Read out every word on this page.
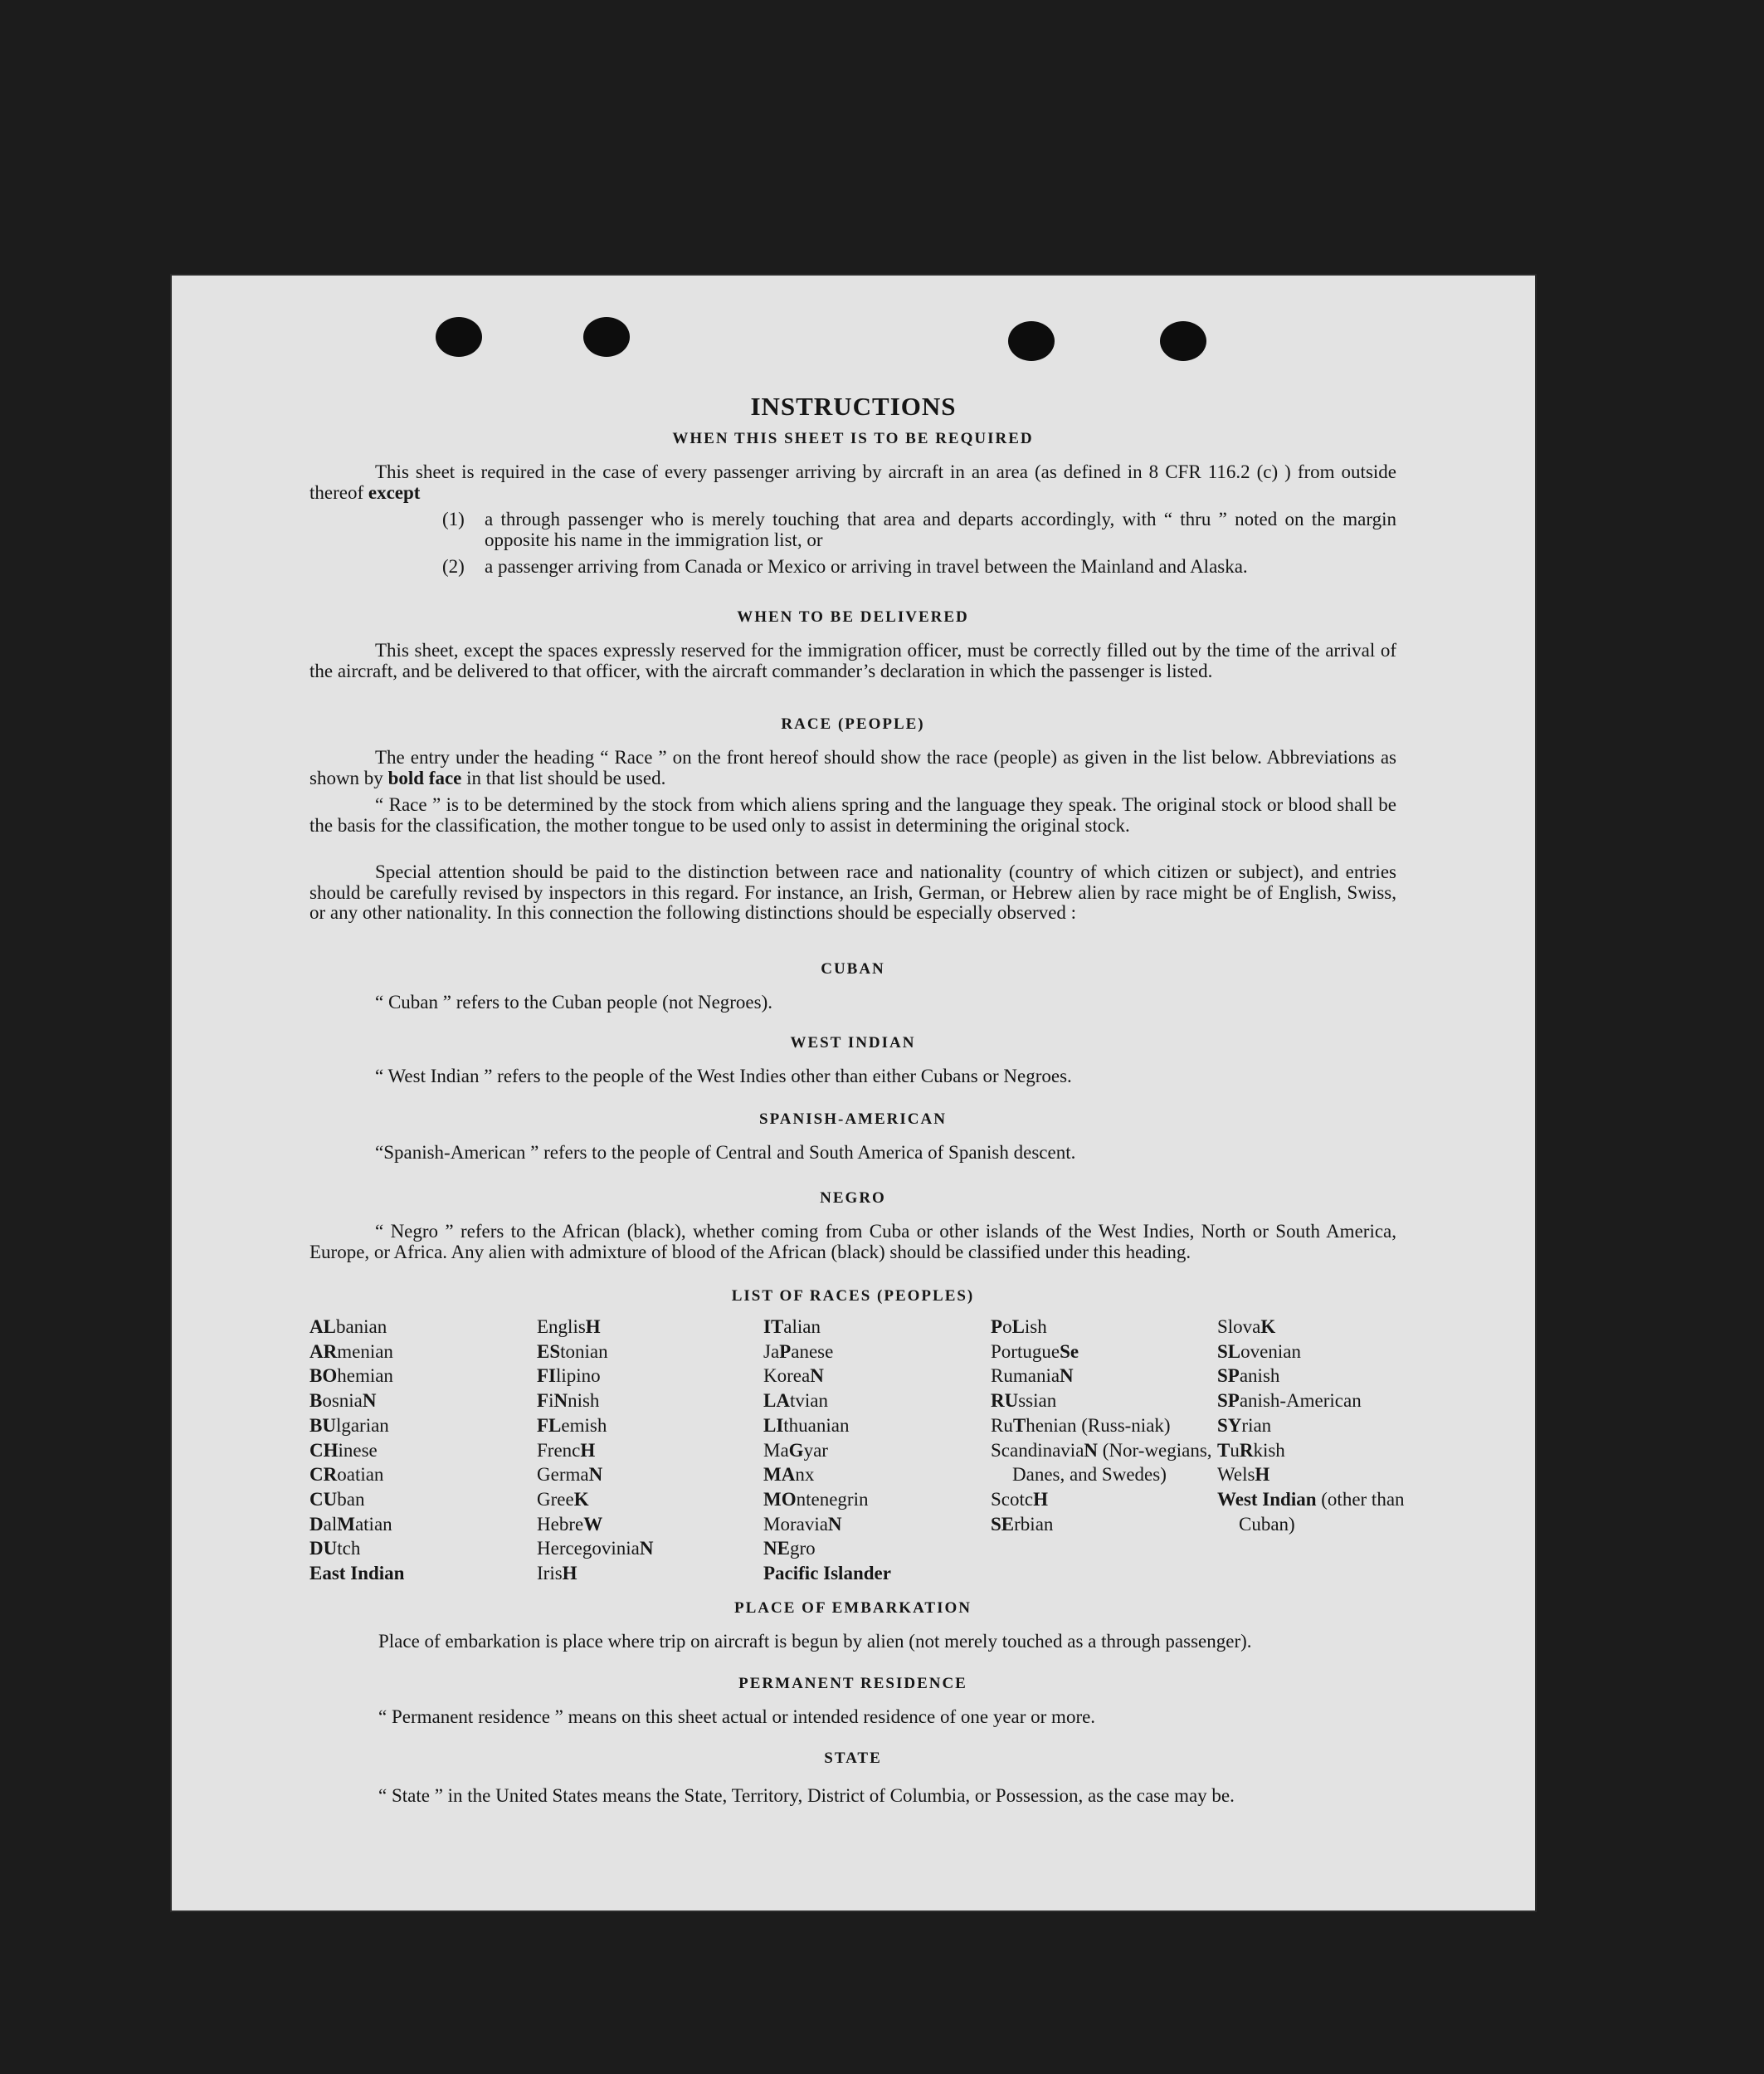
INSTRUCTIONS
WHEN THIS SHEET IS TO BE REQUIRED

This sheet is required in the case of every passenger arriving by aircraft in an area (as defined in 8 CFR 116.2 (c) ) from outside thereof except

(1) a through passenger who is merely touching that area and departs accordingly, with “ thru ” noted on the margin opposite his name in the immigration list, or
(2) a passenger arriving from Canada or Mexico or arriving in travel between the Mainland and Alaska.
WHEN TO BE DELIVERED

This sheet, except the spaces expressly reserved for the immigration officer, must be correctly filled out by the time of the arrival of the aircraft, and be delivered to that officer, with the aircraft commander’s declaration in which the passenger is listed.

RACE (PEOPLE)

The entry under the heading “ Race ” on the front hereof should show the race (people) as given in the list below. Abbreviations as shown by bold face in that list should be used.

“ Race ” is to be determined by the stock from which aliens spring and the language they speak. The original stock or blood shall be the basis for the classification, the mother tongue to be used only to assist in determining the original stock.

Special attention should be paid to the distinction between race and nationality (country of which citizen or subject), and entries should be carefully revised by inspectors in this regard. For instance, an Irish, German, or Hebrew alien by race might be of English, Swiss, or any other nationality. In this connection the following distinctions should be especially observed :

CUBAN

“ Cuban ” refers to the Cuban people (not Negroes).

WEST INDIAN

“ West Indian ” refers to the people of the West Indies other than either Cubans or Negroes.

SPANISH-AMERICAN

“Spanish-American ” refers to the people of Central and South America of Spanish descent.

NEGRO

“ Negro ” refers to the African (black), whether coming from Cuba or other islands of the West Indies, North or South America, Europe, or Africa. Any alien with admixture of blood of the African (black) should be classified under this heading.

LIST OF RACES (PEOPLES)
ALbanian
ARmenian
BOhemian
BosniaN
BUlgarian
CHinese
CRoatian
CUban
DalMatian
DUtch
East Indian
EnglisH
EStonian
FIlipino
FiNnish
FLemish
FrencH
GermaN
GreeK
HebreW
HercegoviniaN
IrisH
ITalian
JaPanese
KoreaN
LAtvian
LIthuanian
MaGyar
MAnx
MOntenegrin
MoraviaN
NEgro
Pacific Islander
PoLish
PortugueSe
RumaniaN
RUssian
RuThenian (Russ-niak)
ScandinaviaN (Nor-wegians, Danes, and Swedes)
ScotcH
SErbian
SlovaK
SLovenian
SPanish
SPanish-American
SYrian
TuRkish
WelsH
West Indian (other than Cuban)
PLACE OF EMBARKATION

Place of embarkation is place where trip on aircraft is begun by alien (not merely touched as a through passenger).

PERMANENT RESIDENCE

“ Permanent residence ” means on this sheet actual or intended residence of one year or more.

STATE

“ State ” in the United States means the State, Territory, District of Columbia, or Possession, as the case may be.
